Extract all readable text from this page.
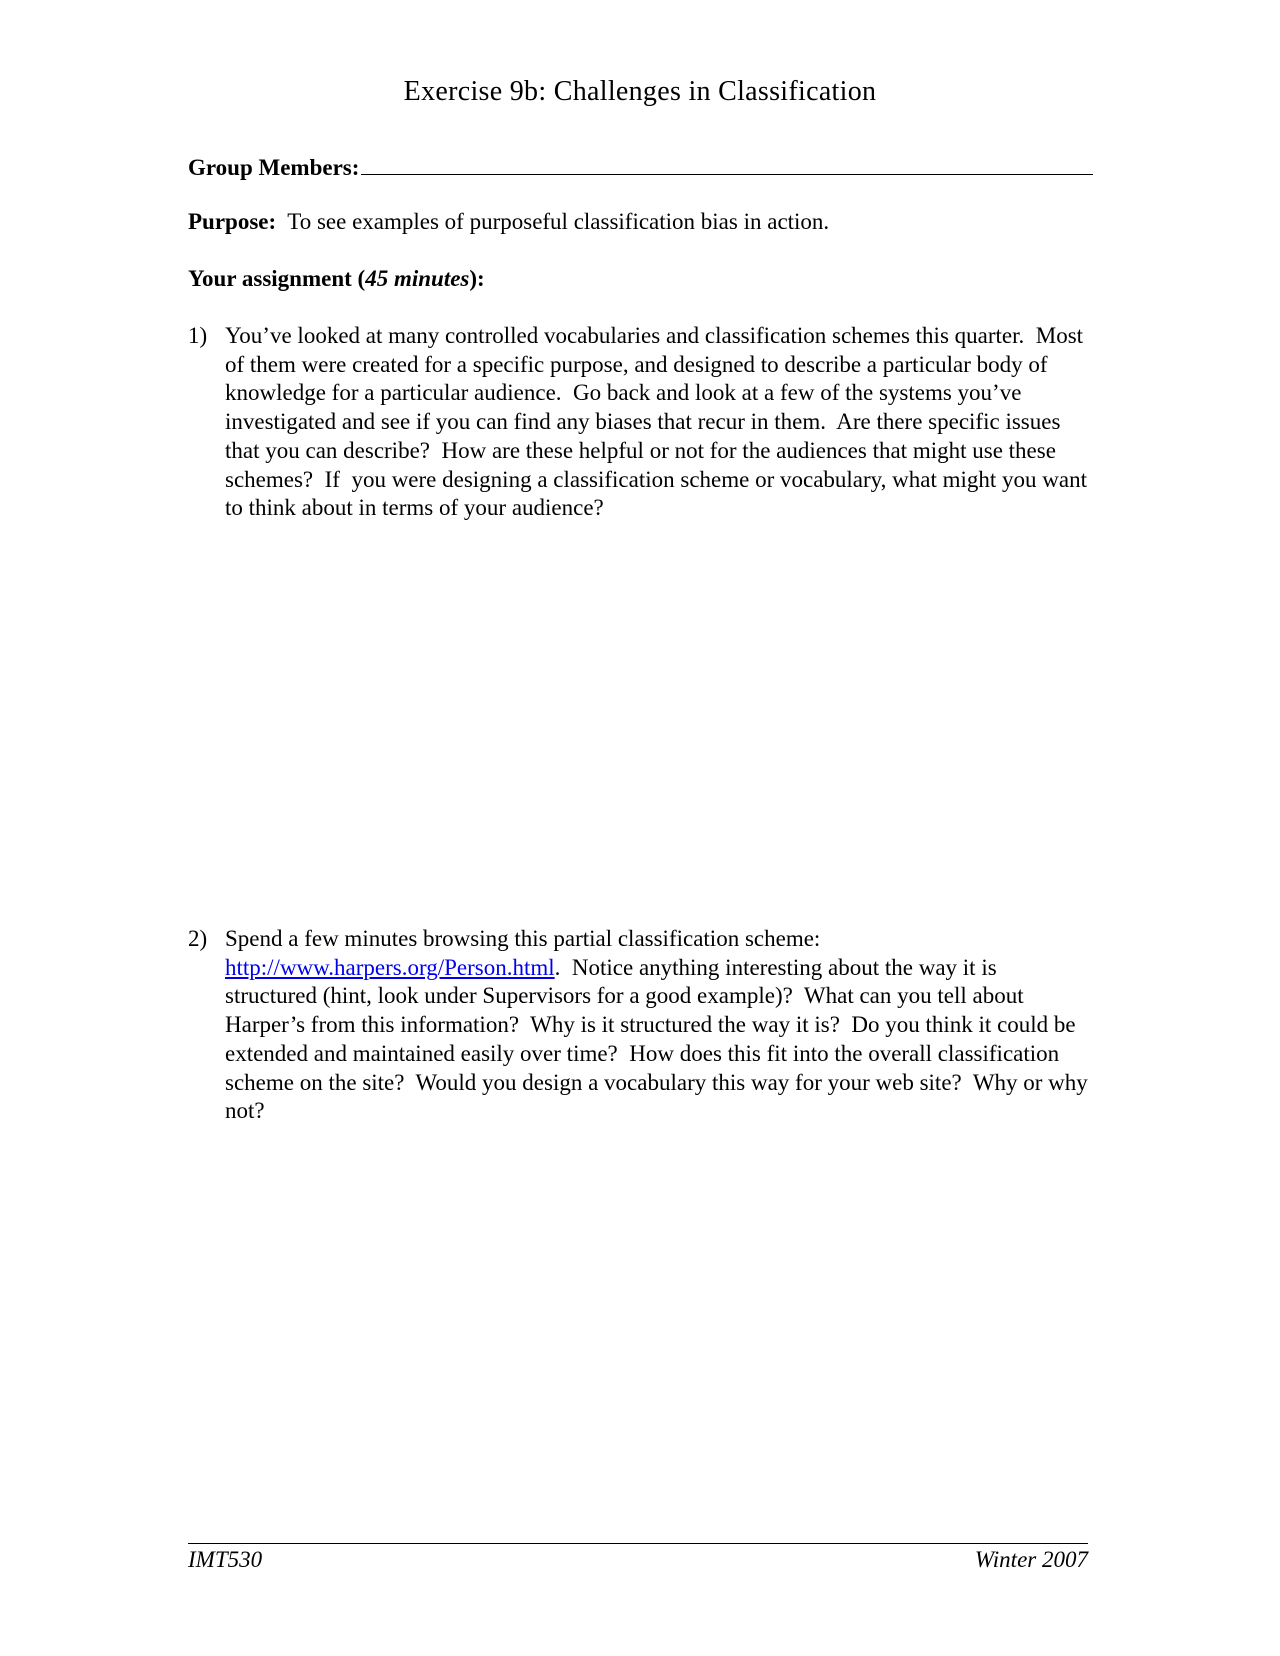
Exercise 9b: Challenges in Classification
Group Members:

Purpose:  To see examples of purposeful classification bias in action.

Your assignment (45 minutes):

1) You’ve looked at many controlled vocabularies and classification schemes this quarter.  Most of them were created for a specific purpose, and designed to describe a particular body of knowledge for a particular audience.  Go back and look at a few of the systems you’ve investigated and see if you can find any biases that recur in them.  Are there specific issues that you can describe?  How are these helpful or not for the audiences that might use these schemes?  If  you were designing a classification scheme or vocabulary, what might you want to think about in terms of your audience?
2) Spend a few minutes browsing this partial classification scheme: http://www.harpers.org/Person.html.  Notice anything interesting about the way it is structured (hint, look under Supervisors for a good example)?  What can you tell about Harper’s from this information?  Why is it structured the way it is?  Do you think it could be extended and maintained easily over time?  How does this fit into the overall classification scheme on the site?  Would you design a vocabulary this way for your web site?  Why or why not?
IMT530	Winter 2007
